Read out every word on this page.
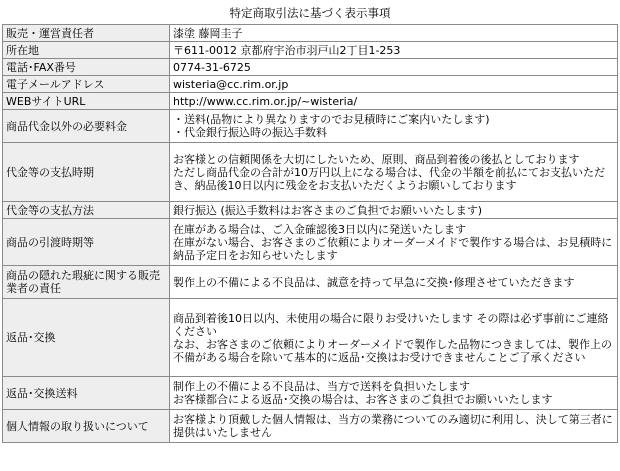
特定商取引法に基づく表示事項
販売・運営責任者	漆塗 藤岡圭子

所在地	〒611-0012 京都府宇治市羽戸山2丁目1-253

電話･FAX番号	0774-31-6725

電子メールアドレス	wisteria@cc.rim.or.jp

WEBサイトURL	http://www.cc.rim.or.jp/~wisteria/

商品代金以外の必要料金	・送料(品物により異なりますのでお見積時にご案内いたします)
・代金銀行振込時の振込手数料

代金等の支払時期	お客様との信頼関係を大切にしたいため、原則、商品到着後の後払としております
ただし商品代金の合計が10万円以上になる場合は、代金の半額を前払にてお支払いただき、納品後10日以内に残金をお支払いただくようお願いしております

代金等の支払方法	銀行振込 (振込手数料はお客さまのご負担でお願いいたします)

商品の引渡時期等	在庫がある場合は、ご入金確認後3日以内に発送いたします
在庫がない場合、お客さまのご依頼によりオーダーメイドで製作する場合は、お見積時に納品予定日をお知らせいたします

商品の隠れた瑕疵に関する販売業者の責任	製作上の不備による不良品は、誠意を持って早急に交換･修理させていただきます

返品･交換	商品到着後10日以内、未使用の場合に限りお受けいたします その際は必ず事前にご連絡ください
なお、お客さまのご依頼によりオーダーメイドで製作した品物につきましては、製作上の不備がある場合を除いて基本的に返品･交換はお受けできませんことご了承ください

返品･交換送料	制作上の不備による不良品は、当方で送料を負担いたします
お客様都合による返品･交換の場合は、お客さまのご負担でお願いいたします

個人情報の取り扱いについて	お客様より頂戴した個人情報は、当方の業務についてのみ適切に利用し、決して第三者に提供はいたしません
